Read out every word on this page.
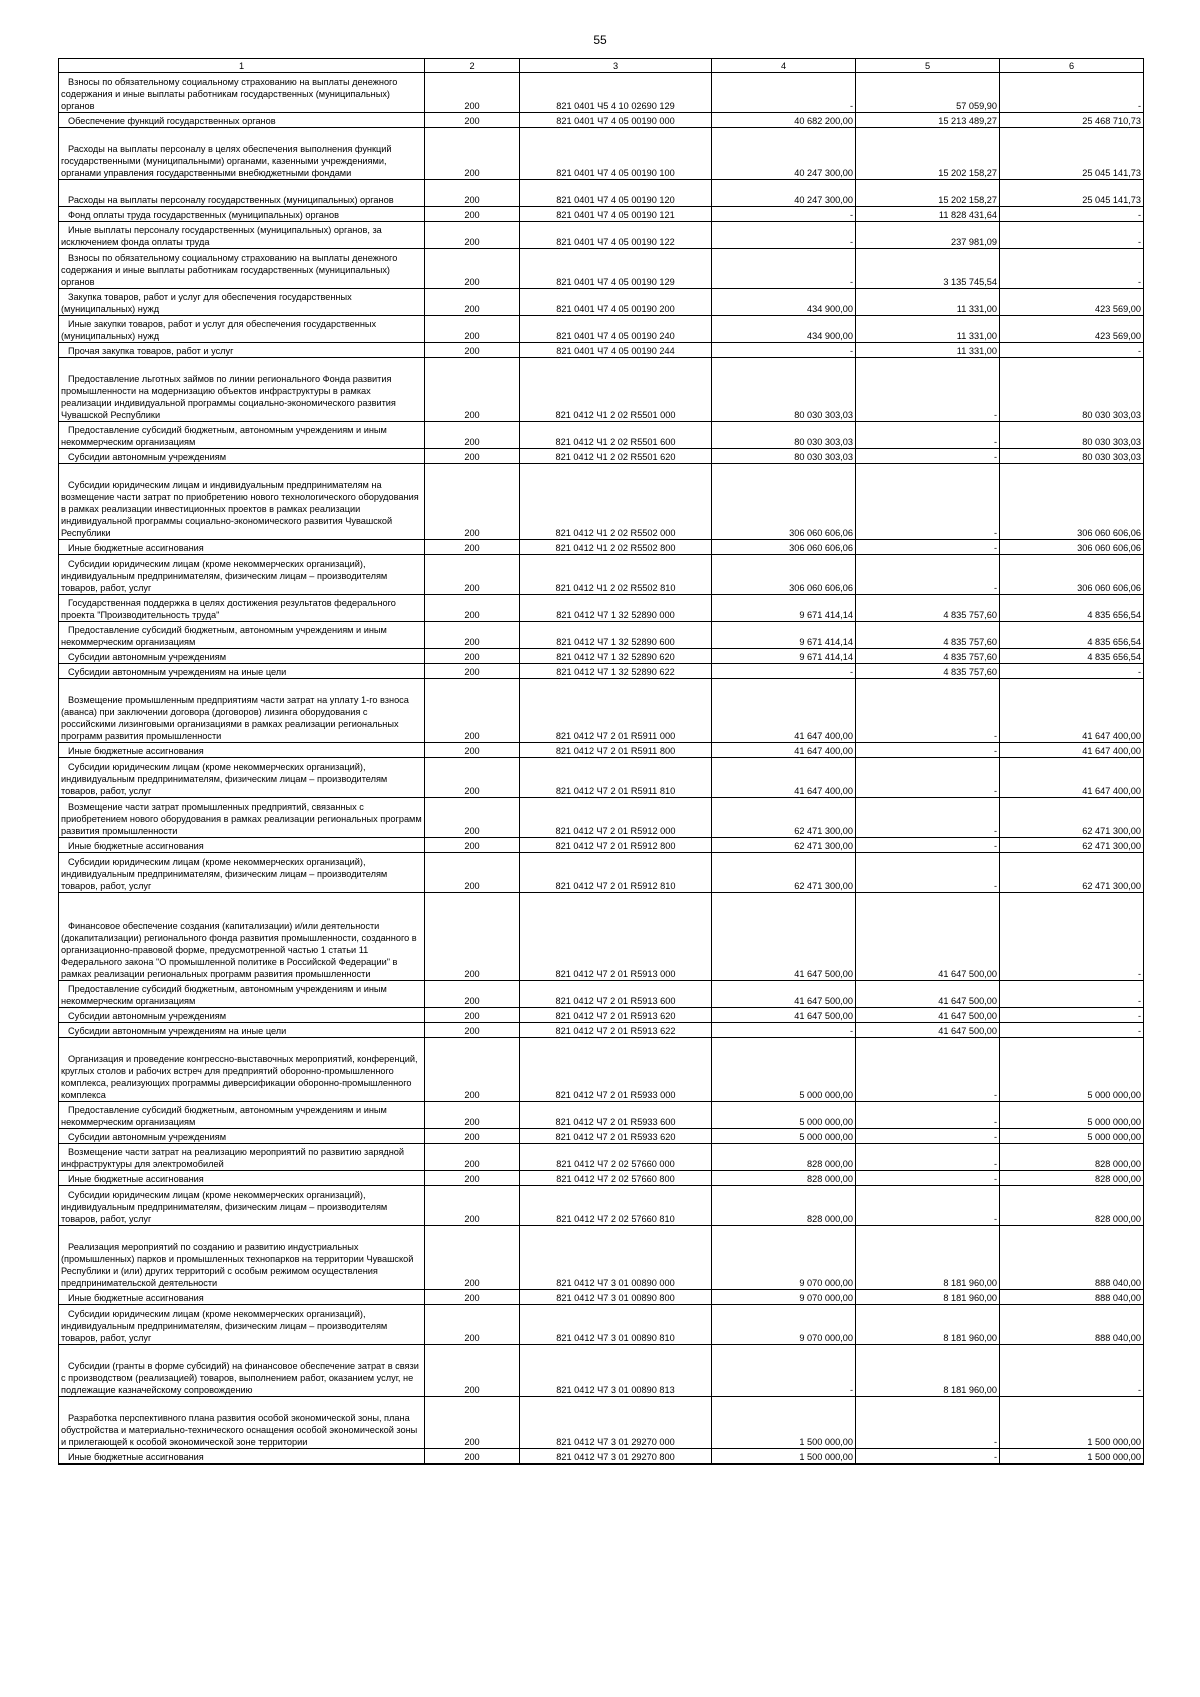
55
1	2	3	4	5	6
Взносы по обязательному социальному страхованию на выплаты денежного содержания и иные выплаты работникам государственных (муниципальных) органов	200	821 0401 Ч5 4 10 02690 129	-	57 059,90	-
Обеспечение функций государственных органов	200	821 0401 Ч7 4 05 00190 000	40 682 200,00	15 213 489,27	25 468 710,73
Расходы на выплаты персоналу в целях обеспечения выполнения функций государственными (муниципальными) органами, казенными учреждениями, органами управления государственными внебюджетными фондами	200	821 0401 Ч7 4 05 00190 100	40 247 300,00	15 202 158,27	25 045 141,73
Расходы на выплаты персоналу государственных (муниципальных) органов	200	821 0401 Ч7 4 05 00190 120	40 247 300,00	15 202 158,27	25 045 141,73
Фонд оплаты труда государственных (муниципальных) органов	200	821 0401 Ч7 4 05 00190 121	-	11 828 431,64	-
Иные выплаты персоналу государственных (муниципальных) органов, за исключением фонда оплаты труда	200	821 0401 Ч7 4 05 00190 122	-	237 981,09	-
Взносы по обязательному социальному страхованию на выплаты денежного содержания и иные выплаты работникам государственных (муниципальных) органов	200	821 0401 Ч7 4 05 00190 129	-	3 135 745,54	-
Закупка товаров, работ и услуг для обеспечения государственных (муниципальных) нужд	200	821 0401 Ч7 4 05 00190 200	434 900,00	11 331,00	423 569,00
Иные закупки товаров, работ и услуг для обеспечения государственных (муниципальных) нужд	200	821 0401 Ч7 4 05 00190 240	434 900,00	11 331,00	423 569,00
Прочая закупка товаров, работ и услуг	200	821 0401 Ч7 4 05 00190 244	-	11 331,00	-
Предоставление льготных займов по линии регионального Фонда развития промышленности на модернизацию объектов инфраструктуры в рамках реализации индивидуальной программы социально-экономического развития Чувашской Республики	200	821 0412 Ч1 2 02 R5501 000	80 030 303,03	-	80 030 303,03
Предоставление субсидий бюджетным, автономным учреждениям и иным некоммерческим организациям	200	821 0412 Ч1 2 02 R5501 600	80 030 303,03	-	80 030 303,03
Субсидии автономным учреждениям	200	821 0412 Ч1 2 02 R5501 620	80 030 303,03	-	80 030 303,03
Субсидии юридическим лицам и индивидуальным предпринимателям на возмещение части затрат по приобретению нового технологического оборудования в рамках реализации инвестиционных проектов в рамках реализации индивидуальной программы социально-экономического развития Чувашской Республики	200	821 0412 Ч1 2 02 R5502 000	306 060 606,06	-	306 060 606,06
Иные бюджетные ассигнования	200	821 0412 Ч1 2 02 R5502 800	306 060 606,06	-	306 060 606,06
Субсидии юридическим лицам (кроме некоммерческих организаций), индивидуальным предпринимателям, физическим лицам – производителям товаров, работ, услуг	200	821 0412 Ч1 2 02 R5502 810	306 060 606,06	-	306 060 606,06
Государственная поддержка в целях достижения результатов федерального проекта "Производительность труда"	200	821 0412 Ч7 1 32 52890 000	9 671 414,14	4 835 757,60	4 835 656,54
Предоставление субсидий бюджетным, автономным учреждениям и иным некоммерческим организациям	200	821 0412 Ч7 1 32 52890 600	9 671 414,14	4 835 757,60	4 835 656,54
Субсидии автономным учреждениям	200	821 0412 Ч7 1 32 52890 620	9 671 414,14	4 835 757,60	4 835 656,54
Субсидии автономным учреждениям на иные цели	200	821 0412 Ч7 1 32 52890 622	-	4 835 757,60	-
Возмещение промышленным предприятиям части затрат на уплату 1-го взноса (аванса) при заключении договора (договоров) лизинга оборудования с российскими лизинговыми организациями в рамках реализации региональных программ развития промышленности	200	821 0412 Ч7 2 01 R5911 000	41 647 400,00	-	41 647 400,00
Иные бюджетные ассигнования	200	821 0412 Ч7 2 01 R5911 800	41 647 400,00	-	41 647 400,00
Субсидии юридическим лицам (кроме некоммерческих организаций), индивидуальным предпринимателям, физическим лицам – производителям товаров, работ, услуг	200	821 0412 Ч7 2 01 R5911 810	41 647 400,00	-	41 647 400,00
Возмещение части затрат промышленных предприятий, связанных с приобретением нового оборудования в рамках реализации региональных программ развития промышленности	200	821 0412 Ч7 2 01 R5912 000	62 471 300,00	-	62 471 300,00
Иные бюджетные ассигнования	200	821 0412 Ч7 2 01 R5912 800	62 471 300,00	-	62 471 300,00
Субсидии юридическим лицам (кроме некоммерческих организаций), индивидуальным предпринимателям, физическим лицам – производителям товаров, работ, услуг	200	821 0412 Ч7 2 01 R5912 810	62 471 300,00	-	62 471 300,00
Финансовое обеспечение создания (капитализации) и/или деятельности (докапитализации) регионального фонда развития промышленности, созданного в организационно-правовой форме, предусмотренной частью 1 статьи 11 Федерального закона "О промышленной политике в Российской Федерации" в рамках реализации региональных программ развития промышленности	200	821 0412 Ч7 2 01 R5913 000	41 647 500,00	41 647 500,00	-
Предоставление субсидий бюджетным, автономным учреждениям и иным некоммерческим организациям	200	821 0412 Ч7 2 01 R5913 600	41 647 500,00	41 647 500,00	-
Субсидии автономным учреждениям	200	821 0412 Ч7 2 01 R5913 620	41 647 500,00	41 647 500,00	-
Субсидии автономным учреждениям на иные цели	200	821 0412 Ч7 2 01 R5913 622	-	41 647 500,00	-
Организация и проведение конгрессно-выставочных мероприятий, конференций, круглых столов и рабочих встреч для предприятий оборонно-промышленного комплекса, реализующих программы диверсификации оборонно-промышленного комплекса	200	821 0412 Ч7 2 01 R5933 000	5 000 000,00	-	5 000 000,00
Предоставление субсидий бюджетным, автономным учреждениям и иным некоммерческим организациям	200	821 0412 Ч7 2 01 R5933 600	5 000 000,00	-	5 000 000,00
Субсидии автономным учреждениям	200	821 0412 Ч7 2 01 R5933 620	5 000 000,00	-	5 000 000,00
Возмещение части затрат на реализацию мероприятий по развитию зарядной инфраструктуры для электромобилей	200	821 0412 Ч7 2 02 57660 000	828 000,00	-	828 000,00
Иные бюджетные ассигнования	200	821 0412 Ч7 2 02 57660 800	828 000,00	-	828 000,00
Субсидии юридическим лицам (кроме некоммерческих организаций), индивидуальным предпринимателям, физическим лицам – производителям товаров, работ, услуг	200	821 0412 Ч7 2 02 57660 810	828 000,00	-	828 000,00
Реализация мероприятий по созданию и развитию индустриальных (промышленных) парков и промышленных технопарков на территории Чувашской Республики и (или) других территорий с особым режимом осуществления предпринимательской деятельности	200	821 0412 Ч7 3 01 00890 000	9 070 000,00	8 181 960,00	888 040,00
Иные бюджетные ассигнования	200	821 0412 Ч7 3 01 00890 800	9 070 000,00	8 181 960,00	888 040,00
Субсидии юридическим лицам (кроме некоммерческих организаций), индивидуальным предпринимателям, физическим лицам – производителям товаров, работ, услуг	200	821 0412 Ч7 3 01 00890 810	9 070 000,00	8 181 960,00	888 040,00
Субсидии (гранты в форме субсидий) на финансовое обеспечение затрат в связи с производством (реализацией) товаров, выполнением работ, оказанием услуг, не подлежащие казначейскому сопровождению	200	821 0412 Ч7 3 01 00890 813	-	8 181 960,00	-
Разработка перспективного плана развития особой экономической зоны, плана обустройства и материально-технического оснащения особой экономической зоны и прилегающей к особой экономической зоне территории	200	821 0412 Ч7 3 01 29270 000	1 500 000,00	-	1 500 000,00
Иные бюджетные ассигнования	200	821 0412 Ч7 3 01 29270 800	1 500 000,00	-	1 500 000,00
